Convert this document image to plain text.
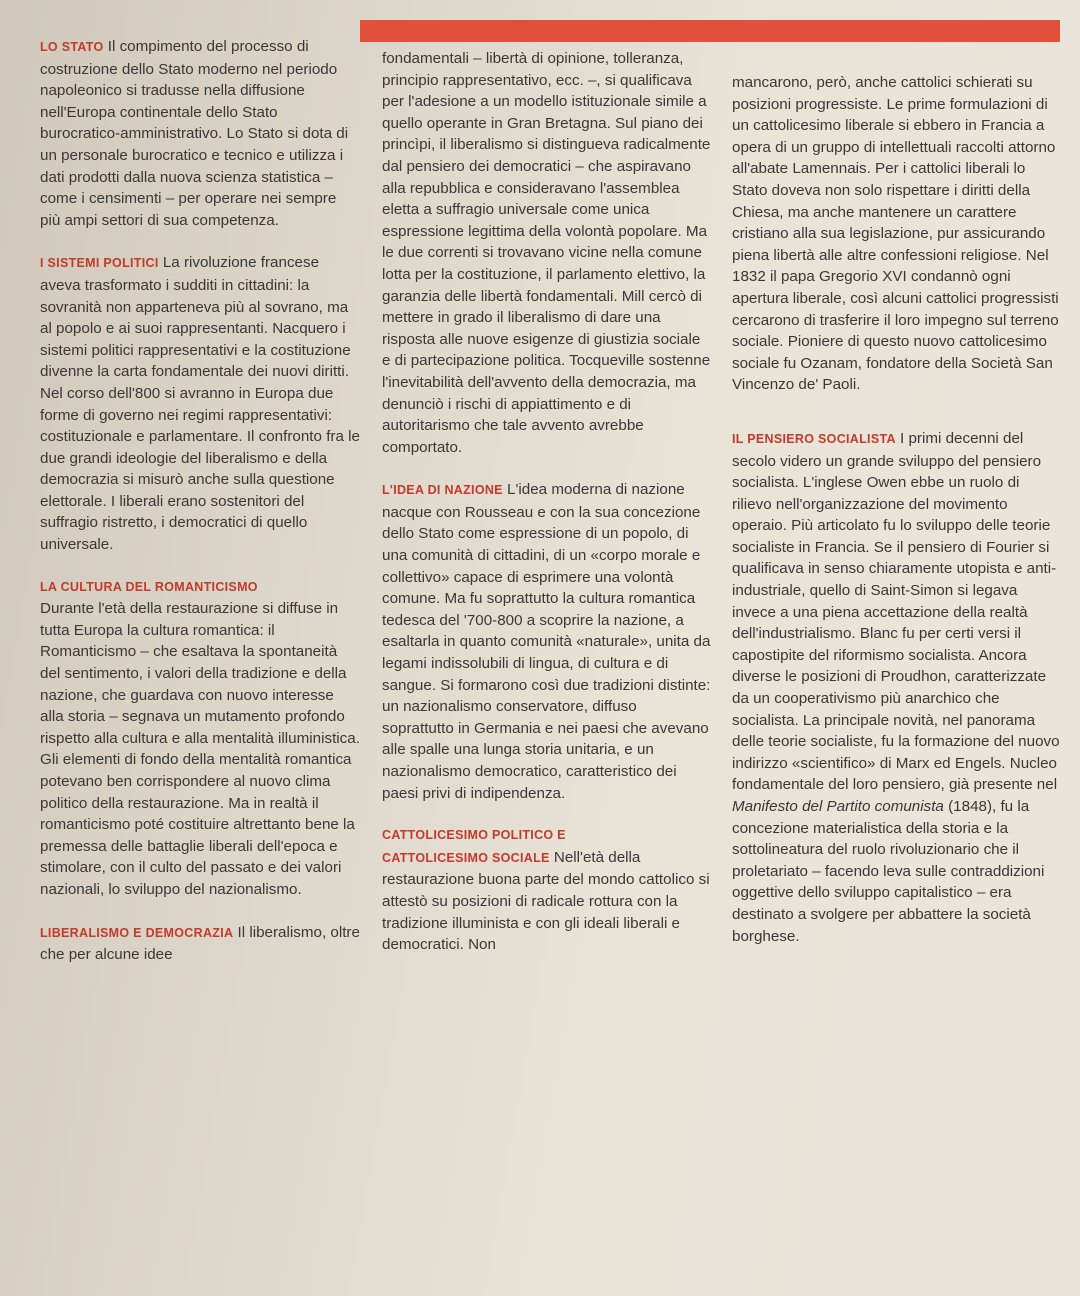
LO STATO Il compimento del processo di costruzione dello Stato moderno nel periodo napoleonico si tradusse nella diffusione nell'Europa continentale dello Stato burocratico-amministrativo. Lo Stato si dota di un personale burocratico e tecnico e utilizza i dati prodotti dalla nuova scienza statistica – come i censimenti – per operare nei sempre più ampi settori di sua competenza.

I SISTEMI POLITICI La rivoluzione francese aveva trasformato i sudditi in cittadini: la sovranità non apparteneva più al sovrano, ma al popolo e ai suoi rappresentanti. Nacquero i sistemi politici rappresentativi e la costituzione divenne la carta fondamentale dei nuovi diritti. Nel corso dell'800 si avranno in Europa due forme di governo nei regimi rappresentativi: costituzionale e parlamentare. Il confronto fra le due grandi ideologie del liberalismo e della democrazia si misurò anche sulla questione elettorale. I liberali erano sostenitori del suffragio ristretto, i democratici di quello universale.

LA CULTURA DEL ROMANTICISMO
Durante l'età della restaurazione si diffuse in tutta Europa la cultura romantica: il Romanticismo – che esaltava la spontaneità del sentimento, i valori della tradizione e della nazione, che guardava con nuovo interesse alla storia – segnava un mutamento profondo rispetto alla cultura e alla mentalità illuministica. Gli elementi di fondo della mentalità romantica potevano ben corrispondere al nuovo clima politico della restaurazione. Ma in realtà il romanticismo poté costituire altrettanto bene la premessa delle battaglie liberali dell'epoca e stimolare, con il culto del passato e dei valori nazionali, lo sviluppo del nazionalismo.

LIBERALISMO E DEMOCRAZIA Il liberalismo, oltre che per alcune idee

fondamentali – libertà di opinione, tolleranza, principio rappresentativo, ecc. –, si qualificava per l'adesione a un modello istituzionale simile a quello operante in Gran Bretagna. Sul piano dei princìpi, il liberalismo si distingueva radicalmente dal pensiero dei democratici – che aspiravano alla repubblica e consideravano l'assemblea eletta a suffragio universale come unica espressione legittima della volontà popolare. Ma le due correnti si trovavano vicine nella comune lotta per la costituzione, il parlamento elettivo, la garanzia delle libertà fondamentali. Mill cercò di mettere in grado il liberalismo di dare una risposta alle nuove esigenze di giustizia sociale e di partecipazione politica. Tocqueville sostenne l'inevitabilità dell'avvento della democrazia, ma denunciò i rischi di appiattimento e di autoritarismo che tale avvento avrebbe comportato.

L'IDEA DI NAZIONE L'idea moderna di nazione nacque con Rousseau e con la sua concezione dello Stato come espressione di un popolo, di una comunità di cittadini, di un «corpo morale e collettivo» capace di esprimere una volontà comune. Ma fu soprattutto la cultura romantica tedesca del '700-800 a scoprire la nazione, a esaltarla in quanto comunità «naturale», unita da legami indissolubili di lingua, di cultura e di sangue. Si formarono così due tradizioni distinte: un nazionalismo conservatore, diffuso soprattutto in Germania e nei paesi che avevano alle spalle una lunga storia unitaria, e un nazionalismo democratico, caratteristico dei paesi privi di indipendenza.

CATTOLICESIMO POLITICO E
CATTOLICESIMO SOCIALE Nell'età della restaurazione buona parte del mondo cattolico si attestò su posizioni di radicale rottura con la tradizione illuminista e con gli ideali liberali e democratici. Non

mancarono, però, anche cattolici schierati su posizioni progressiste. Le prime formulazioni di un cattolicesimo liberale si ebbero in Francia a opera di un gruppo di intellettuali raccolti attorno all'abate Lamennais. Per i cattolici liberali lo Stato doveva non solo rispettare i diritti della Chiesa, ma anche mantenere un carattere cristiano alla sua legislazione, pur assicurando piena libertà alle altre confessioni religiose. Nel 1832 il papa Gregorio XVI condannò ogni apertura liberale, così alcuni cattolici progressisti cercarono di trasferire il loro impegno sul terreno sociale. Pioniere di questo nuovo cattolicesimo sociale fu Ozanam, fondatore della Società San Vincenzo de' Paoli.

IL PENSIERO SOCIALISTA I primi decenni del secolo videro un grande sviluppo del pensiero socialista. L'inglese Owen ebbe un ruolo di rilievo nell'organizzazione del movimento operaio. Più articolato fu lo sviluppo delle teorie socialiste in Francia. Se il pensiero di Fourier si qualificava in senso chiaramente utopista e anti-industriale, quello di Saint-Simon si legava invece a una piena accettazione della realtà dell'industrialismo. Blanc fu per certi versi il capostipite del riformismo socialista. Ancora diverse le posizioni di Proudhon, caratterizzate da un cooperativismo più anarchico che socialista. La principale novità, nel panorama delle teorie socialiste, fu la formazione del nuovo indirizzo «scientifico» di Marx ed Engels. Nucleo fondamentale del loro pensiero, già presente nel Manifesto del Partito comunista (1848), fu la concezione materialistica della storia e la sottolineatura del ruolo rivoluzionario che il proletariato – facendo leva sulle contraddizioni oggettive dello sviluppo capitalistico – era destinato a svolgere per abbattere la società borghese.
